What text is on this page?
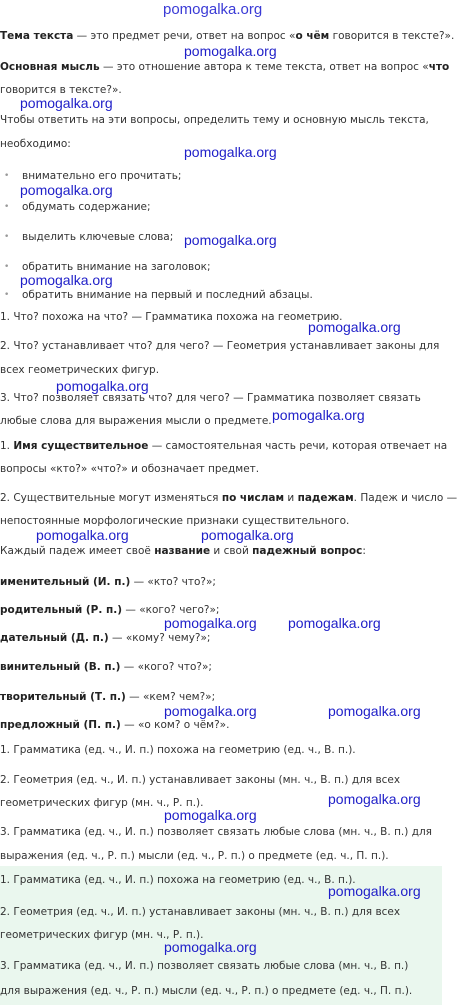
pomogalka.org
Тема текста — это предмет речи, ответ на вопрос «о чём говорится в тексте?».
Основная мысль — это отношение автора к теме текста, ответ на вопрос «что
говорится в тексте?».
Чтобы ответить на эти вопросы, определить тему и основную мысль текста,
необходимо:
• внимательно его прочитать;
• обдумать содержание;
• выделить ключевые слова;
• обратить внимание на заголовок;
• обратить внимание на первый и последний абзацы.
1. Что? похожа на что? — Грамматика похожа на геометрию.
2. Что? устанавливает что? для чего? — Геометрия устанавливает законы для
всех геометрических фигур.
3. Что? позволяет связать что? для чего? — Грамматика позволяет связать
любые слова для выражения мысли о предмете.
1. Имя существительное — самостоятельная часть речи, которая отвечает на
вопросы «кто?» «что?» и обозначает предмет.
2. Существительные могут изменяться по числам и падежам. Падеж и число —
непостоянные морфологические признаки существительного.
Каждый падеж имеет своё название и свой падежный вопрос:
именительный (И. п.) — «кто? что?»;
родительный (Р. п.) — «кого? чего?»;
дательный (Д. п.) — «кому? чему?»;
винительный (В. п.) — «кого? что?»;
творительный (Т. п.) — «кем? чем?»;
предложный (П. п.) — «о ком? о чём?».
1. Грамматика (ед. ч., И. п.) похожа на геометрию (ед. ч., В. п.).
2. Геометрия (ед. ч., И. п.) устанавливает законы (мн. ч., В. п.) для всех
геометрических фигур (мн. ч., Р. п.).
3. Грамматика (ед. ч., И. п.) позволяет связать любые слова (мн. ч., В. п.) для
выражения (ед. ч., Р. п.) мысли (ед. ч., Р. п.) о предмете (ед. ч., П. п.).
1. Грамматика (ед. ч., И. п.) похожа на геометрию (ед. ч., В. п.).
2. Геометрия (ед. ч., И. п.) устанавливает законы (мн. ч., В. п.) для всех
геометрических фигур (мн. ч., Р. п.).
3. Грамматика (ед. ч., И. п.) позволяет связать любые слова (мн. ч., В. п.)
для выражения (ед. ч., Р. п.) мысли (ед. ч., Р. п.) о предмете (ед. ч., П. п.).
pomogalka.org
pomogalka.org
pomogalka.org
pomogalka.org
pomogalka.org
pomogalka.org
pomogalka.org
pomogalka.org
pomogalka.org
pomogalka.org	pomogalka.org
pomogalka.org pomogalka.org
pomogalka.org	pomogalka.org
pomogalka.org
pomogalka.org
pomogalka.org
pomogalka.org
